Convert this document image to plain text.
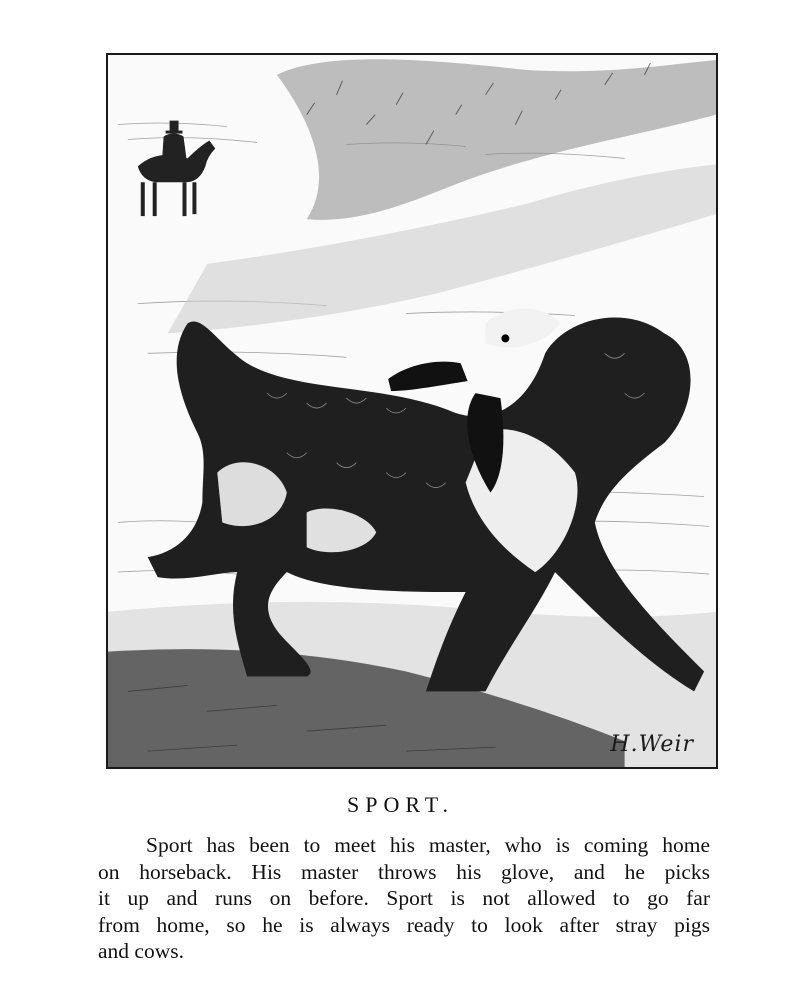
H.Weir
SPORT.
Sport has been to meet his master, who is coming home
on horseback. His master throws his glove, and he picks
it up and runs on before. Sport is not allowed to go far
from home, so he is always ready to look after stray pigs
and cows.
